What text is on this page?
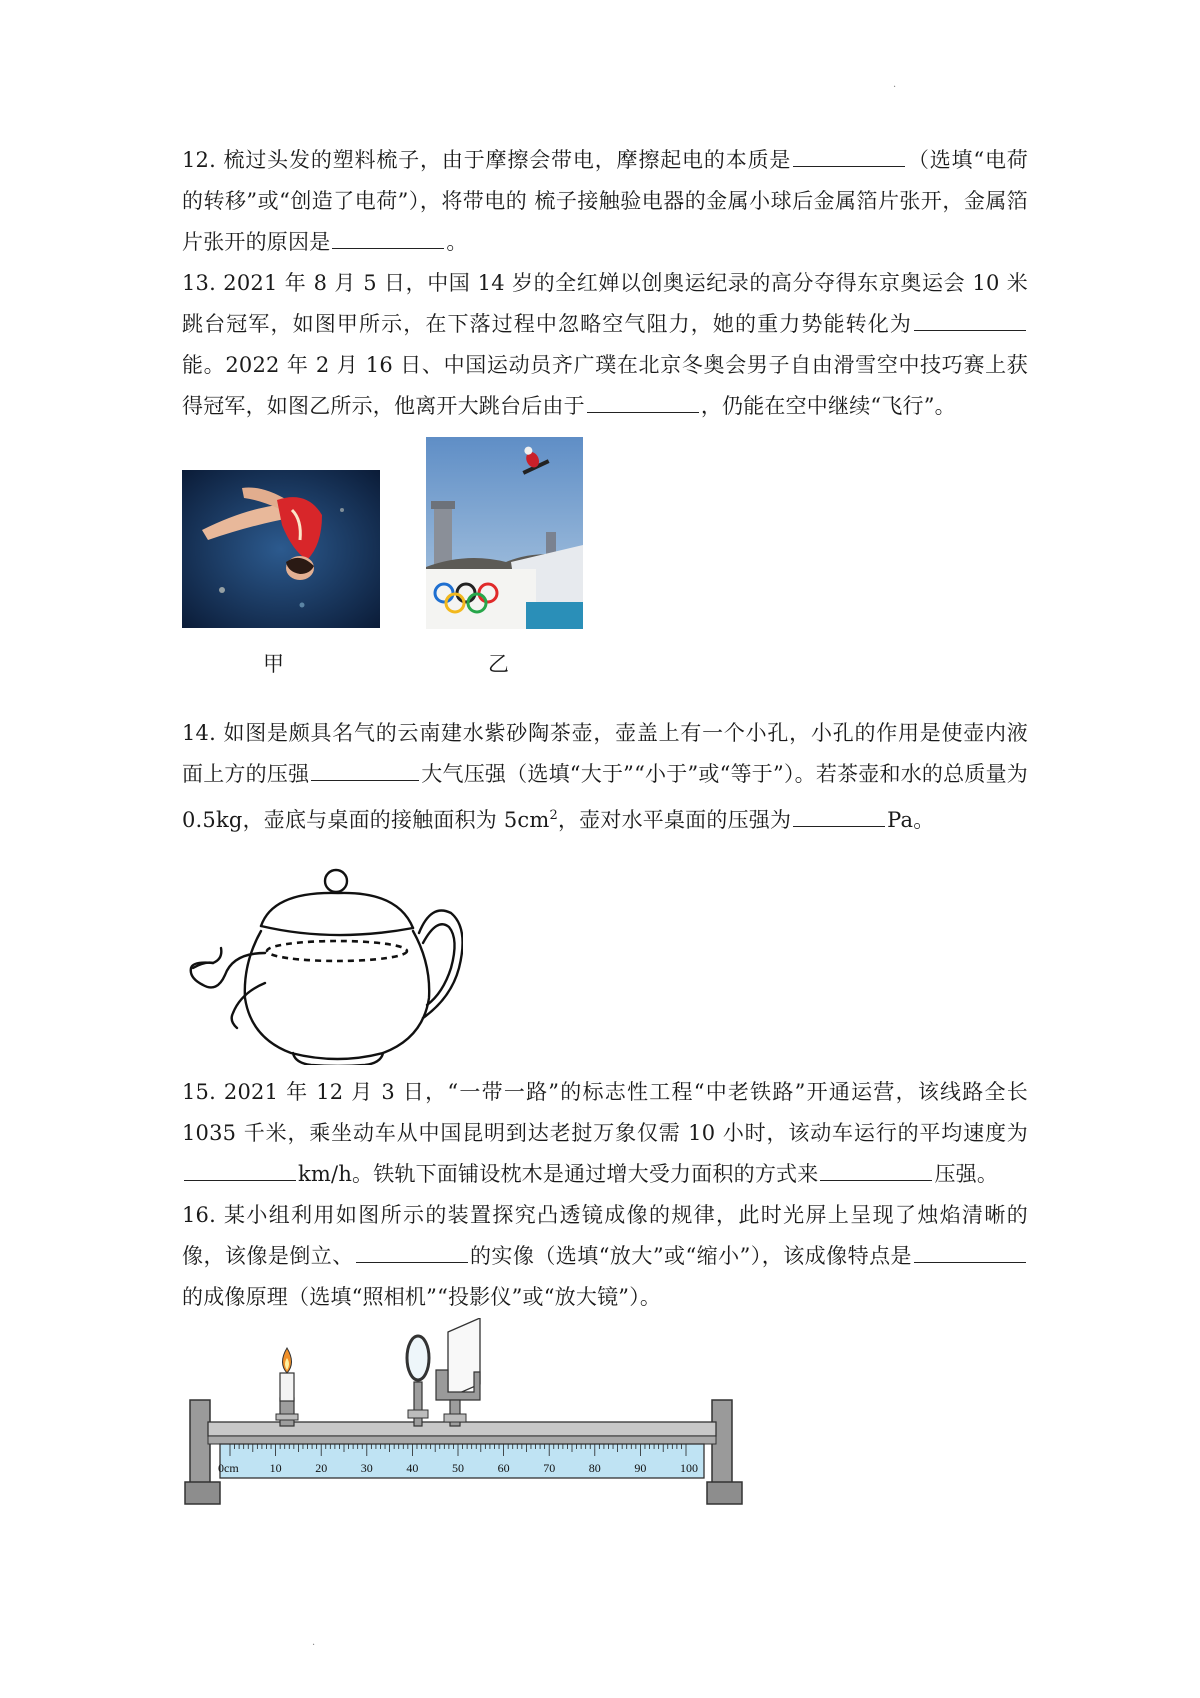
·

12. 梳过头发的塑料梳子，由于摩擦会带电，摩擦起电的本质是	（选填“电荷的转移”或“创造了电荷”），将带电的 梳子接触验电器的金属小球后金属箔片张开，金属箔片张开的原因是	。

13. 2021 年 8 月 5 日，中国 14 岁的全红婵以创奥运纪录的高分夺得东京奥运会 10 米跳台冠军，如图甲所示，在下落过程中忽略空气阻力，她的重力势能转化为能。2022 年 2 月 16 日、中国运动员齐广璞在北京冬奥会男子自由滑雪空中技巧赛上获得冠军，如图乙所示，他离开大跳台后由于	，仍能在空中继续“飞行”。

甲	乙

14. 如图是颇具名气的云南建水紫砂陶茶壶，壶盖上有一个小孔，小孔的作用是使壶内液面上方的压强	大气压强（选填“大于”“小于”或“等于”）。若茶壶和水的总质量为 0.5kg，壶底与桌面的接触面积为 $5cm^2$，壶对水平桌面的压强为	Pa。

15. 2021 年 12 月 3 日，“一带一路”的标志性工程“中老铁路”开通运营，该线路全长 1035 千米，乘坐动车从中国昆明到达老挝万象仅需 10 小时，该动车运行的平均速度为km/h。铁轨下面铺设枕木是通过增大受力面积的方式来	压强。

16. 某小组利用如图所示的装置探究凸透镜成像的规律，此时光屏上呈现了烛焰清晰的像，该像是倒立、	的实像（选填“放大”或“缩小”），该成像特点是的成像原理（选填“照相机”“投影仪”或“放大镜”）。

0cm	10	20	30	40	50	60	70	80	90	100
·
